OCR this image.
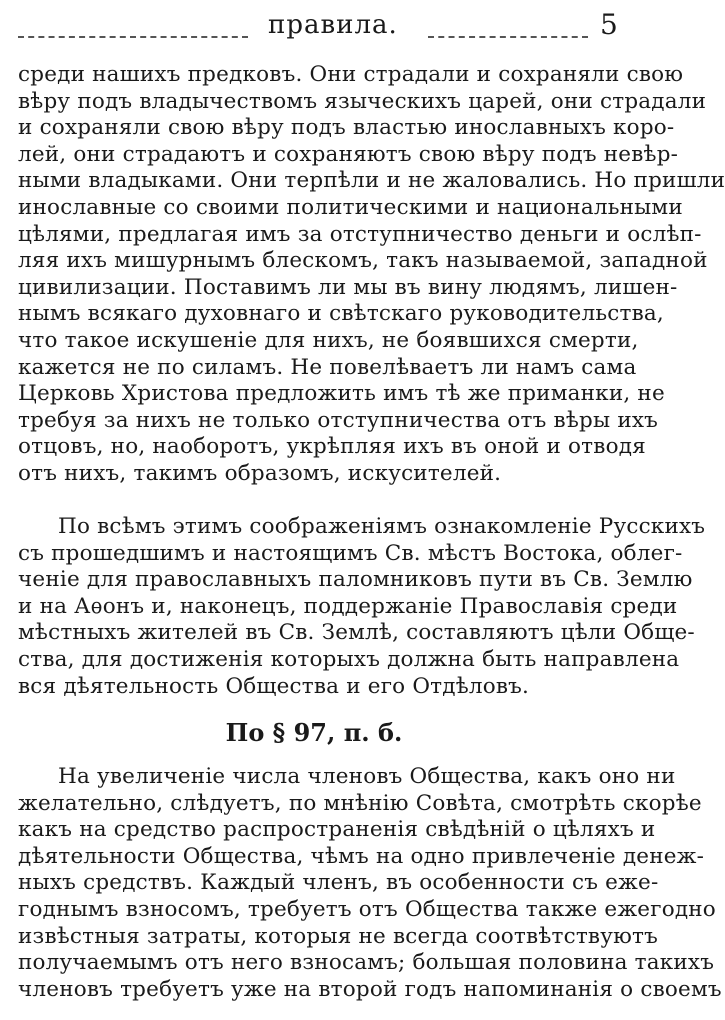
правила.	5
среди нашихъ предковъ. Они страдали и сохраняли свою
вѣру подъ владычествомъ языческихъ царей, они страдали
и сохраняли свою вѣру подъ властью инославныхъ коро-
лей, они страдаютъ и сохраняютъ свою вѣру подъ невѣр-
ными владыками. Они терпѣли и не жаловались. Но пришли
инославные со своими политическими и национальными
цѣлями, предлагая имъ за отступничество деньги и ослѣп-
ляя ихъ мишурнымъ блескомъ, такъ называемой, западной
цивилизации. Поставимъ ли мы въ вину людямъ, лишен-
нымъ всякаго духовнаго и свѣтскаго руководительства,
что такое искушенiе для нихъ, не боявшихся смерти,
кажется не по силамъ. Не повелѣваетъ ли намъ сама
Церковь Христова предложить имъ тѣ же приманки, не
требуя за нихъ не только отступничества отъ вѣры ихъ
отцовъ, но, наоборотъ, укрѣпляя ихъ въ оной и отводя
отъ нихъ, такимъ образомъ, искусителей.
По всѣмъ этимъ соображенiямъ ознакомленiе Русскихъ
съ прошедшимъ и настоящимъ Св. мѣстъ Востока, облег-
ченiе для православныхъ паломниковъ пути въ Св. Землю
и на Аѳонъ и, наконецъ, поддержанiе Православiя среди
мѣстныхъ жителей въ Св. Землѣ, составляютъ цѣли Обще-
ства, для достиженiя которыхъ должна быть направлена
вся дѣятельность Общества и его Отдѣловъ.
По § 97, п. б.
На увеличенiе числа членовъ Общества, какъ оно ни
желательно, слѣдуетъ, по мнѣнiю Совѣта, смотрѣть скорѣе
какъ на средство распространенiя свѣдѣнiй о цѣляхъ и
дѣятельности Общества, чѣмъ на одно привлеченiе денеж-
ныхъ средствъ. Каждый членъ, въ особенности съ еже-
годнымъ взносомъ, требуетъ отъ Общества также ежегодно
извѣстныя затраты, которыя не всегда соотвѣтствуютъ
получаемымъ отъ него взносамъ; большая половина такихъ
членовъ требуетъ уже на второй годъ напоминанiя о своемъ
